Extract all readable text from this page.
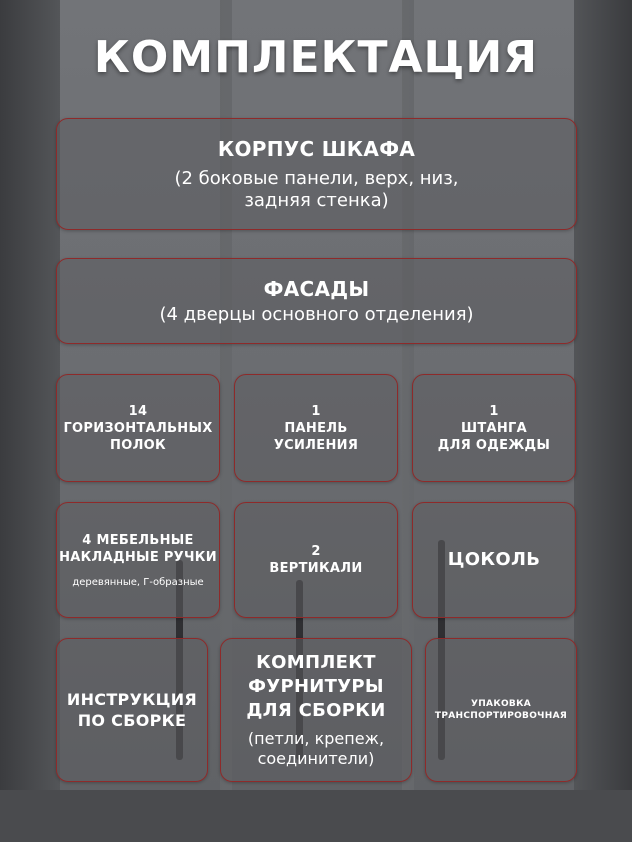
КОМПЛЕКТАЦИЯ
КОРПУС ШКАФА
(2 боковые панели, верх, низ,
задняя стенка)
ФАСАДЫ
(4 дверцы основного отделения)
14
ГОРИЗОНТАЛЬНЫХ
ПОЛОК
1
ПАНЕЛЬ
УСИЛЕНИЯ
1
ШТАНГА
ДЛЯ ОДЕЖДЫ
4 МЕБЕЛЬНЫЕ
НАКЛАДНЫЕ РУЧКИ
деревянные, Г-образные
2
ВЕРТИКАЛИ	ЦОКОЛЬ
ИНСТРУКЦИЯ
ПО СБОРКЕ
КОМПЛЕКТ
ФУРНИТУРЫ
ДЛЯ СБОРКИ
(петли, крепеж,
соединители)
УПАКОВКА
ТРАНСПОРТИРОВОЧНАЯ
